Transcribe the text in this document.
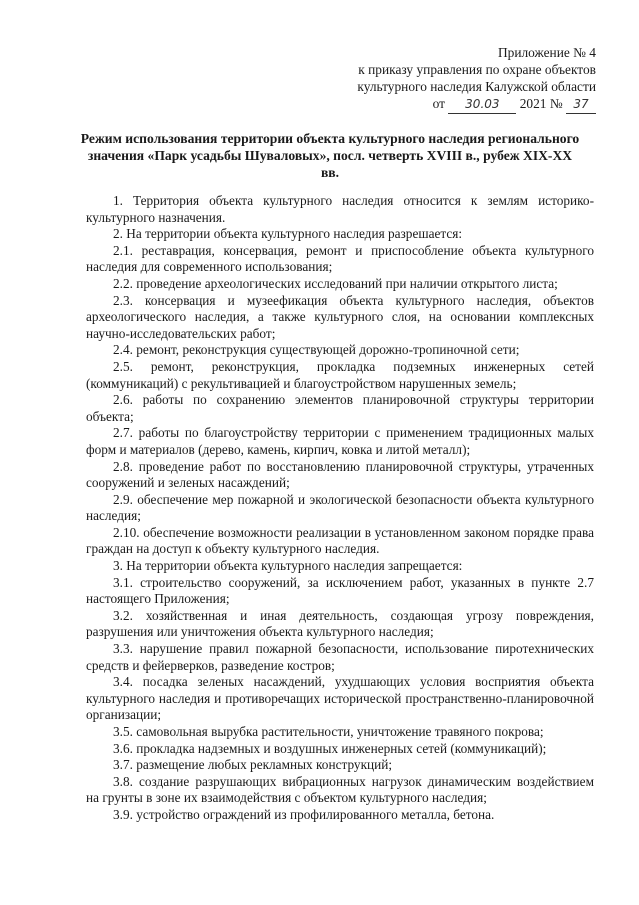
Приложение № 4
к приказу управления по охране объектов
культурного наследия Калужской области
от 30.03 2021 № 37
Режим использования территории объекта культурного наследия регионального значения «Парк усадьбы Шуваловых», посл. четверть XVIII в., рубеж XIX-XX вв.

1. Территория объекта культурного наследия относится к землям историко-культурного назначения.

2. На территории объекта культурного наследия разрешается:

2.1. реставрация, консервация, ремонт и приспособление объекта культурного наследия для современного использования;

2.2. проведение археологических исследований при наличии открытого листа;

2.3. консервация и музеефикация объекта культурного наследия, объектов археологического наследия, а также культурного слоя, на основании комплексных научно-исследовательских работ;

2.4. ремонт, реконструкция существующей дорожно-тропиночной сети;

2.5. ремонт, реконструкция, прокладка подземных инженерных сетей (коммуникаций) с рекультивацией и благоустройством нарушенных земель;

2.6. работы по сохранению элементов планировочной структуры территории объекта;

2.7. работы по благоустройству территории с применением традиционных малых форм и материалов (дерево, камень, кирпич, ковка и литой металл);

2.8. проведение работ по восстановлению планировочной структуры, утраченных сооружений и зеленых насаждений;

2.9. обеспечение мер пожарной и экологической безопасности объекта культурного наследия;

2.10. обеспечение возможности реализации в установленном законом порядке права граждан на доступ к объекту культурного наследия.

3. На территории объекта культурного наследия запрещается:

3.1. строительство сооружений, за исключением работ, указанных в пункте 2.7 настоящего Приложения;

3.2. хозяйственная и иная деятельность, создающая угрозу повреждения, разрушения или уничтожения объекта культурного наследия;

3.3. нарушение правил пожарной безопасности, использование пиротехнических средств и фейерверков, разведение костров;

3.4. посадка зеленых насаждений, ухудшающих условия восприятия объекта культурного наследия и противоречащих исторической пространственно-планировочной организации;

3.5. самовольная вырубка растительности, уничтожение травяного покрова;

3.6. прокладка надземных и воздушных инженерных сетей (коммуникаций);

3.7. размещение любых рекламных конструкций;

3.8. создание разрушающих вибрационных нагрузок динамическим воздействием на грунты в зоне их взаимодействия с объектом культурного наследия;

3.9. устройство ограждений из профилированного металла, бетона.
